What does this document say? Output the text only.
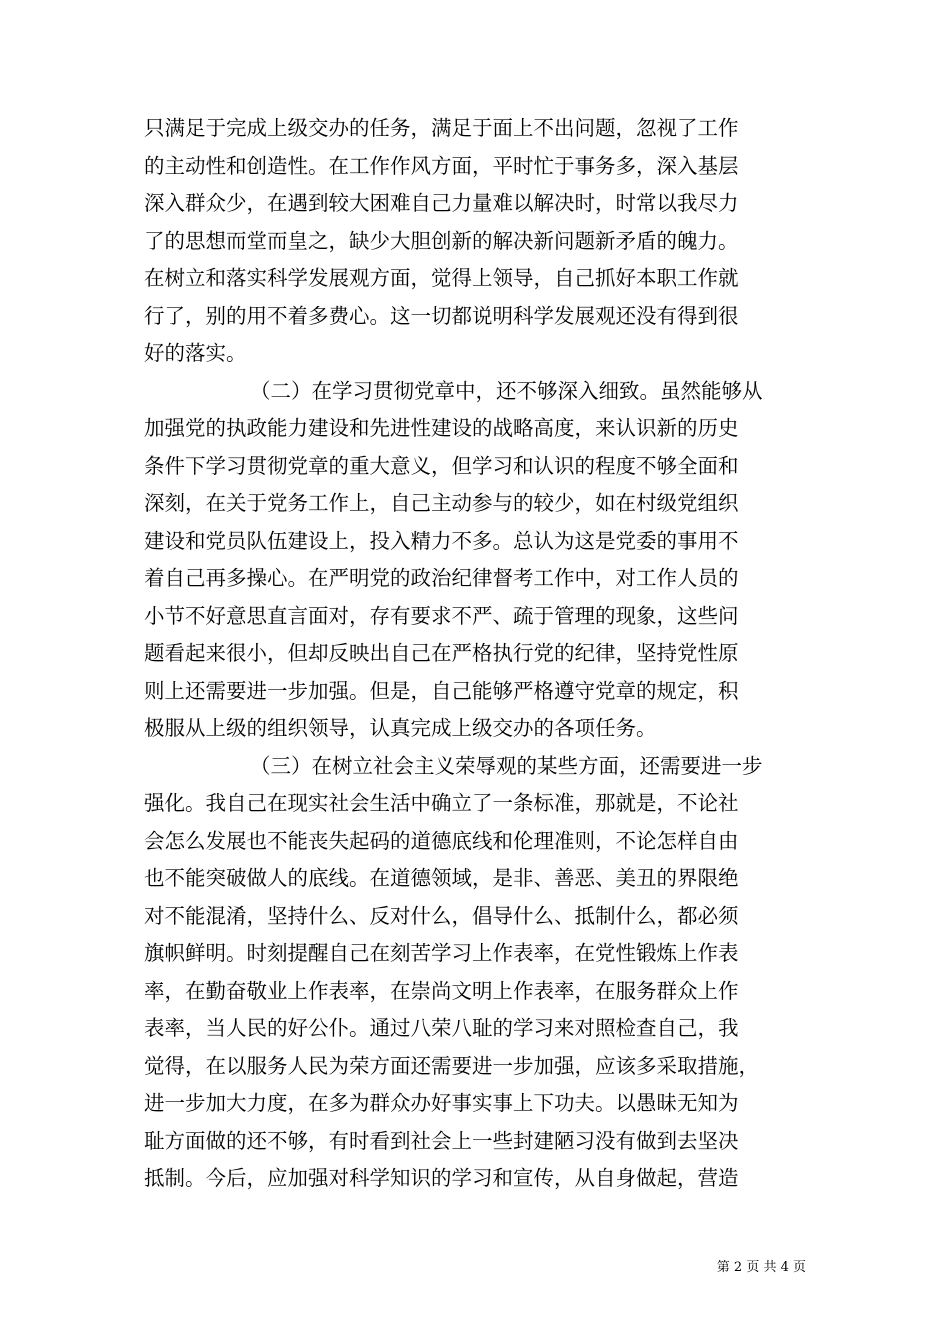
只满足于完成上级交办的任务，满足于面上不出问题，忽视了工作
的主动性和创造性。在工作作风方面，平时忙于事务多，深入基层
深入群众少，在遇到较大困难自己力量难以解决时，时常以我尽力
了的思想而堂而皇之，缺少大胆创新的解决新问题新矛盾的魄力。
在树立和落实科学发展观方面，觉得上领导，自己抓好本职工作就
行了，别的用不着多费心。这一切都说明科学发展观还没有得到很
好的落实。
（二）在学习贯彻党章中，还不够深入细致。虽然能够从
加强党的执政能力建设和先进性建设的战略高度，来认识新的历史
条件下学习贯彻党章的重大意义，但学习和认识的程度不够全面和
深刻，在关于党务工作上，自己主动参与的较少，如在村级党组织
建设和党员队伍建设上，投入精力不多。总认为这是党委的事用不
着自己再多操心。在严明党的政治纪律督考工作中，对工作人员的
小节不好意思直言面对，存有要求不严、疏于管理的现象，这些问
题看起来很小，但却反映出自己在严格执行党的纪律，坚持党性原
则上还需要进一步加强。但是，自己能够严格遵守党章的规定，积
极服从上级的组织领导，认真完成上级交办的各项任务。
（三）在树立社会主义荣辱观的某些方面，还需要进一步
强化。我自己在现实社会生活中确立了一条标准，那就是，不论社
会怎么发展也不能丧失起码的道德底线和伦理准则，不论怎样自由
也不能突破做人的底线。在道德领域，是非、善恶、美丑的界限绝
对不能混淆，坚持什么、反对什么，倡导什么、抵制什么，都必须
旗帜鲜明。时刻提醒自己在刻苦学习上作表率，在党性锻炼上作表
率，在勤奋敬业上作表率，在崇尚文明上作表率，在服务群众上作
表率，当人民的好公仆。通过八荣八耻的学习来对照检查自己，我
觉得，在以服务人民为荣方面还需要进一步加强，应该多采取措施，
进一步加大力度，在多为群众办好事实事上下功夫。以愚昧无知为
耻方面做的还不够，有时看到社会上一些封建陋习没有做到去坚决
抵制。今后，应加强对科学知识的学习和宣传，从自身做起，营造
第 2 页 共 4 页
